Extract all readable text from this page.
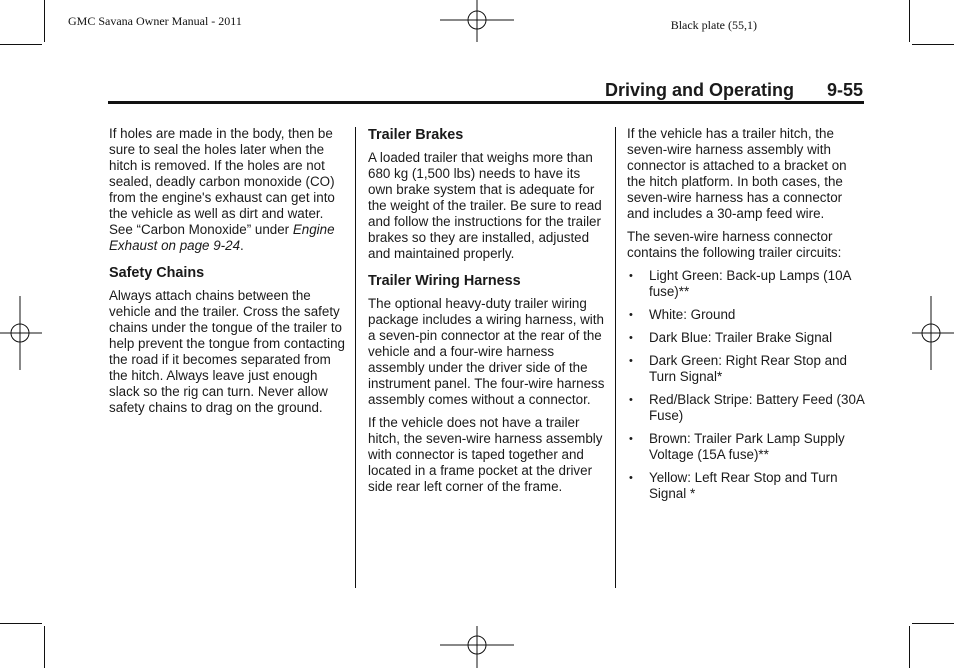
GMC Savana Owner Manual - 2011	Black plate (55,1)
Driving and Operating 9-55

If holes are made in the body, then be sure to seal the holes later when the hitch is removed. If the holes are not sealed, deadly carbon monoxide (CO) from the engine's exhaust can get into the vehicle as well as dirt and water. See “Carbon Monoxide” under Engine Exhaust on page 9-24.

Safety Chains

Always attach chains between the vehicle and the trailer. Cross the safety chains under the tongue of the trailer to help prevent the tongue from contacting the road if it becomes separated from the hitch. Always leave just enough slack so the rig can turn. Never allow safety chains to drag on the ground.

Trailer Brakes

A loaded trailer that weighs more than 680 kg (1,500 lbs) needs to have its own brake system that is adequate for the weight of the trailer. Be sure to read and follow the instructions for the trailer brakes so they are installed, adjusted and maintained properly.

Trailer Wiring Harness

The optional heavy-duty trailer wiring package includes a wiring harness, with a seven-pin connector at the rear of the vehicle and a four-wire harness assembly under the driver side of the instrument panel. The four-wire harness assembly comes without a connector.

If the vehicle does not have a trailer hitch, the seven-wire harness assembly with connector is taped together and located in a frame pocket at the driver side rear left corner of the frame.

If the vehicle has a trailer hitch, the seven-wire harness assembly with connector is attached to a bracket on the hitch platform. In both cases, the seven-wire harness has a connector and includes a 30-amp feed wire.

The seven-wire harness connector contains the following trailer circuits:

• Light Green: Back-up Lamps (10A fuse)**
• White: Ground
• Dark Blue: Trailer Brake Signal
• Dark Green: Right Rear Stop and Turn Signal*
• Red/Black Stripe: Battery Feed (30A Fuse)
• Brown: Trailer Park Lamp Supply Voltage (15A fuse)**
• Yellow: Left Rear Stop and Turn Signal *
